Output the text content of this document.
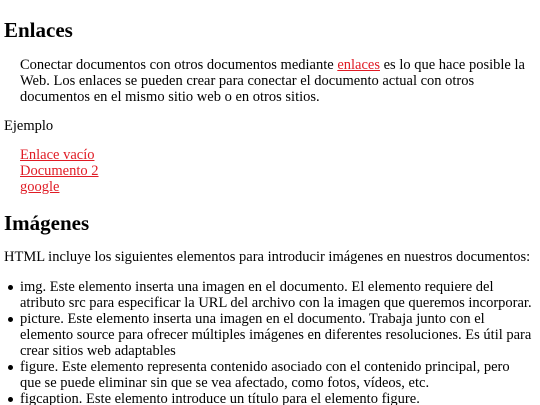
Enlaces

Conectar documentos con otros documentos mediante enlaces es lo que hace posible la Web. Los enlaces se pueden crear para conectar el documento actual con otros documentos en el mismo sitio web o en otros sitios.

Ejemplo

Enlace vacío
Documento 2
google
Imágenes

HTML incluye los siguientes elementos para introducir imágenes en nuestros documentos:

img. Este elemento inserta una imagen en el documento. El elemento requiere del atributo src para especificar la URL del archivo con la imagen que queremos incorporar.
picture. Este elemento inserta una imagen en el documento. Trabaja junto con el elemento source para ofrecer múltiples imágenes en diferentes resoluciones. Es útil para crear sitios web adaptables
figure. Este elemento representa contenido asociado con el contenido principal, pero que se puede eliminar sin que se vea afectado, como fotos, vídeos, etc.
figcaption. Este elemento introduce un título para el elemento figure.
